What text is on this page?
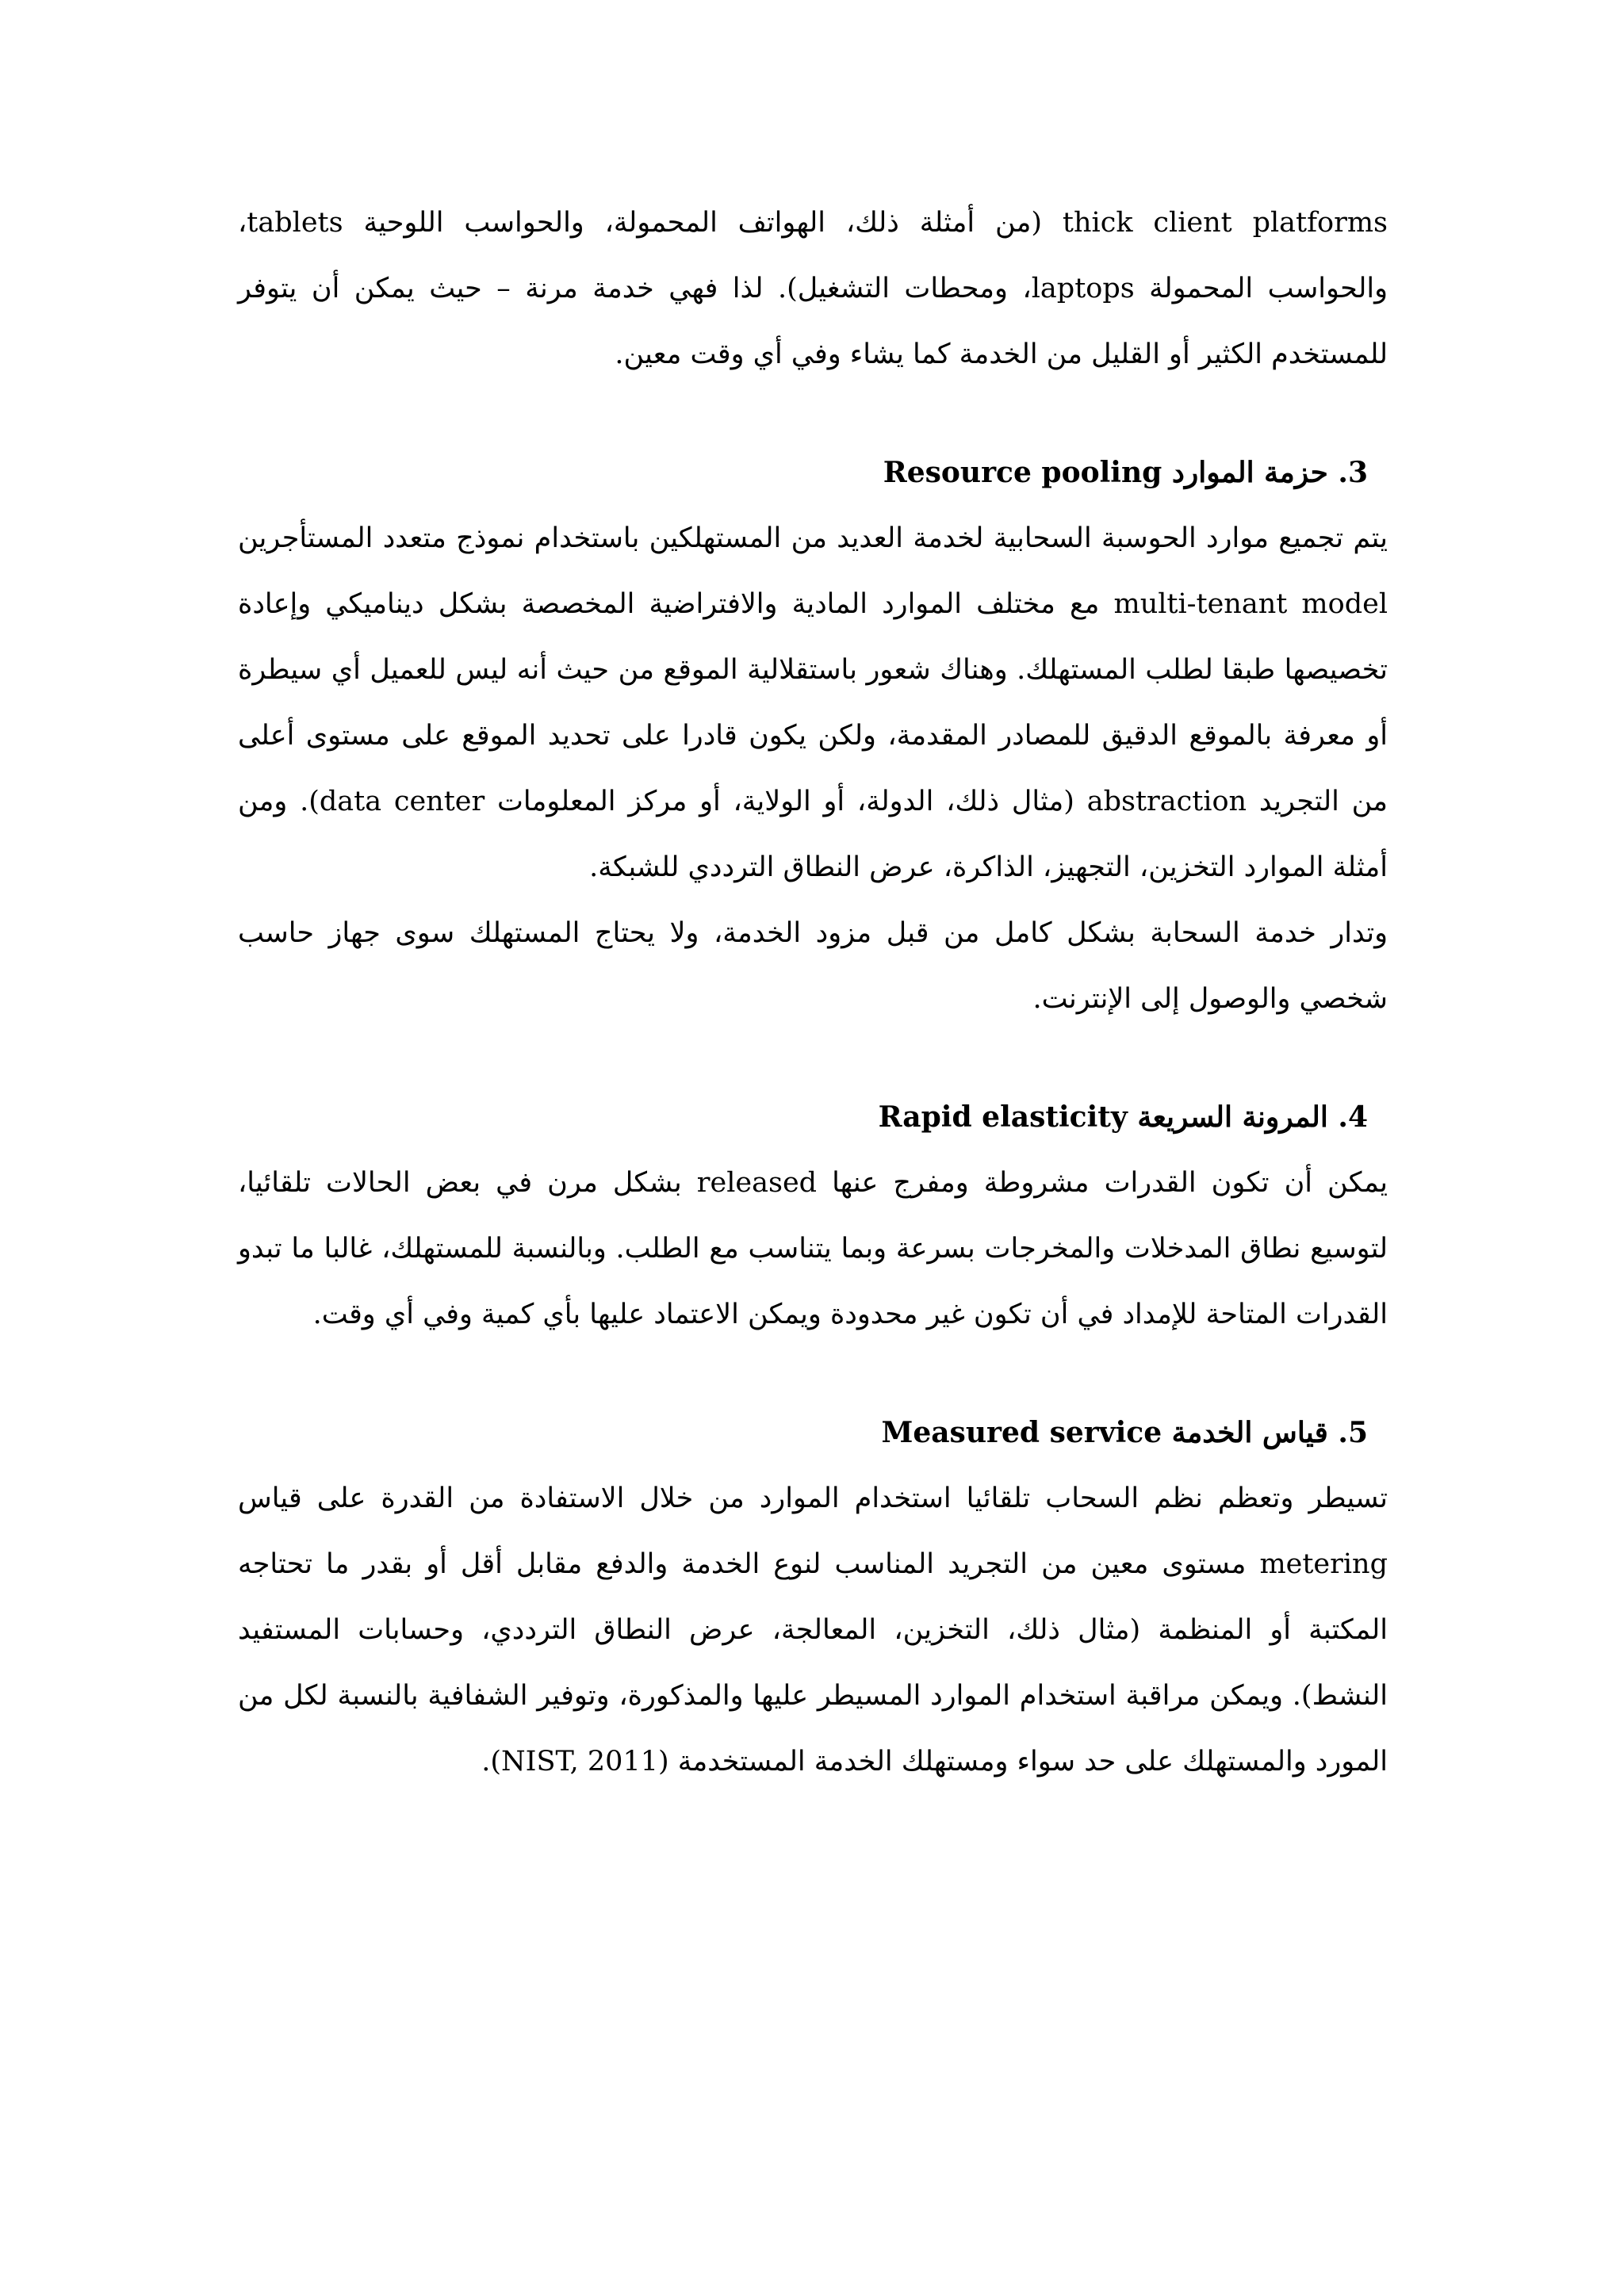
thick client platforms (من أمثلة ذلك، الهواتف المحمولة، والحواسب اللوحية tablets، والحواسب المحمولة laptops، ومحطات التشغيل). لذا فهي خدمة مرنة – حيث يمكن أن يتوفر للمستخدم الكثير أو القليل من الخدمة كما يشاء وفي أي وقت معين.

3. حزمة الموارد Resource pooling

يتم تجميع موارد الحوسبة السحابية لخدمة العديد من المستهلكين باستخدام نموذج متعدد المستأجرين multi-tenant model مع مختلف الموارد المادية والافتراضية المخصصة بشكل ديناميكي وإعادة تخصيصها طبقا لطلب المستهلك. وهناك شعور باستقلالية الموقع من حيث أنه ليس للعميل أي سيطرة أو معرفة بالموقع الدقيق للمصادر المقدمة، ولكن يكون قادرا على تحديد الموقع على مستوى أعلى من التجريد abstraction (مثال ذلك، الدولة، أو الولاية، أو مركز المعلومات data center). ومن أمثلة الموارد التخزين، التجهيز، الذاكرة، عرض النطاق الترددي للشبكة.

وتدار خدمة السحابة بشكل كامل من قبل مزود الخدمة، ولا يحتاج المستهلك سوى جهاز حاسب شخصي والوصول إلى الإنترنت.

4. المرونة السريعة Rapid elasticity

يمكن أن تكون القدرات مشروطة ومفرج عنها released بشكل مرن في بعض الحالات تلقائيا، لتوسيع نطاق المدخلات والمخرجات بسرعة وبما يتناسب مع الطلب. وبالنسبة للمستهلك، غالبا ما تبدو القدرات المتاحة للإمداد في أن تكون غير محدودة ويمكن الاعتماد عليها بأي كمية وفي أي وقت.

5. قياس الخدمة Measured service

تسيطر وتعظم نظم السحاب تلقائيا استخدام الموارد من خلال الاستفادة من القدرة على قياس metering مستوى معين من التجريد المناسب لنوع الخدمة والدفع مقابل أقل أو بقدر ما تحتاجه المكتبة أو المنظمة (مثال ذلك، التخزين، المعالجة، عرض النطاق الترددي، وحسابات المستفيد النشط). ويمكن مراقبة استخدام الموارد المسيطر عليها والمذكورة، وتوفير الشفافية بالنسبة لكل من المورد والمستهلك على حد سواء ومستهلك الخدمة المستخدمة (NIST, 2011).
